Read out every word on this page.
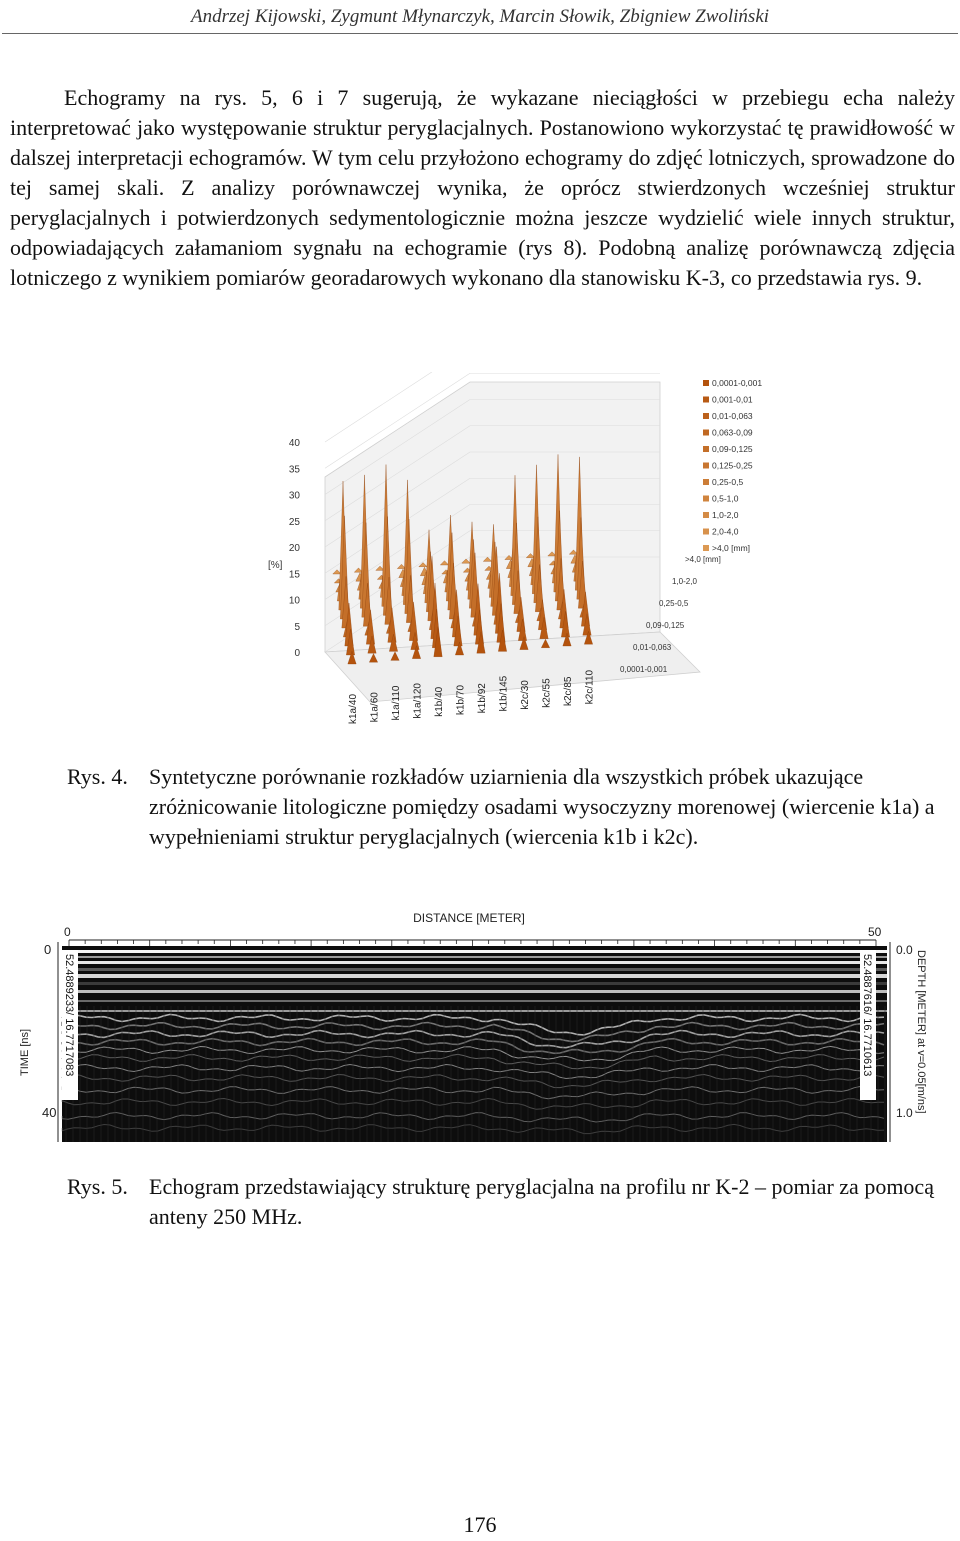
Andrzej Kijowski, Zygmunt Młynarczyk, Marcin Słowik, Zbigniew Zwoliński

Echogramy na rys. 5, 6 i 7 sugerują, że wykazane nieciągłości w przebiegu echa należy interpretować jako występowanie struktur peryglacjalnych. Postanowiono wykorzystać tę prawidłowość w dalszej interpretacji echogramów. W tym celu przyłożono echogramy do zdjęć lotniczych, sprowadzone do tej samej skali. Z analizy porównawczej wynika, że oprócz stwierdzonych wcześniej struktur peryglacjalnych i potwierdzonych sedymentologicznie można jeszcze wydzielić wiele innych struktur, odpowiadających załamaniom sygnału na echogramie (rys 8). Podobną analizę porównawczą zdjęcia lotniczego z wynikiem pomiarów georadarowych wykonano dla stanowisku K-3, co przedstawia rys. 9.

0
5
10
15
20
25
30
35
40
[%]
k1a/40 k1a/60 k1a/110 k1a/120 k1b/40 k1b/70 k1b/92 k1b/145 k2c/30 k2c/55 k2c/85 k2c/110
0,0001-0,001
0,01-0,063
0,09-0,125
0,25-0,5
1,0-2,0
>4,0 [mm]
0,0001-0,001
0,001-0,01
0,01-0,063
0,063-0,09
0,09-0,125
0,125-0,25
0,25-0,5
0,5-1,0
1,0-2,0
2,0-4,0
>4,0 [mm]
Rys. 4. Syntetyczne porównanie rozkładów uziarnienia dla wszystkich próbek ukazujące zróżnicowanie litologiczne pomiędzy osadami wysoczyzny morenowej (wiercenie k1a) a wypełnieniami struktur peryglacjalnych (wiercenia k1b i k2c).
DISTANCE [METER]
0	50
0
40
TIME [ns]
0.0
1.0 DEPTH [METER] at v=0.05[m/ns]
52.4889233/ 16.7717083	52.4887616/ 16.7710613
Rys. 5. Echogram przedstawiający strukturę peryglacjalna na profilu nr K-2 – pomiar za pomocą anteny 250 MHz.
176
